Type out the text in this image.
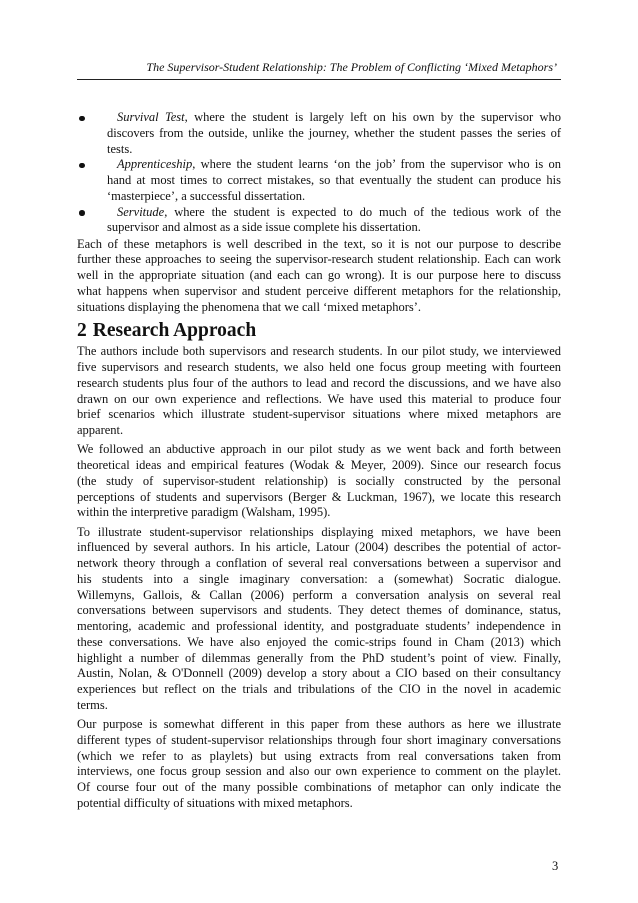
The Supervisor-Student Relationship: The Problem of Conflicting ‘Mixed Metaphors’
Survival Test, where the student is largely left on his own by the supervisor who
discovers from the outside, unlike the journey, whether the student passes the series of
tests.
Apprenticeship, where the student learns ‘on the job’ from the supervisor who is on
hand at most times to correct mistakes, so that eventually the student can produce his
‘masterpiece’, a successful dissertation.
Servitude, where the student is expected to do much of the tedious work of the
supervisor and almost as a side issue complete his dissertation.
Each of these metaphors is well described in the text, so it is not our purpose to describe
further these approaches to seeing the supervisor-research student relationship. Each can work
well in the appropriate situation (and each can go wrong). It is our purpose here to discuss
what happens when supervisor and student perceive different metaphors for the relationship,
situations displaying the phenomena that we call ‘mixed metaphors’.
2 Research Approach
The authors include both supervisors and research students. In our pilot study, we interviewed
five supervisors and research students, we also held one focus group meeting with fourteen
research students plus four of the authors to lead and record the discussions, and we have also
drawn on our own experience and reflections. We have used this material to produce four
brief scenarios which illustrate student-supervisor situations where mixed metaphors are
apparent.
We followed an abductive approach in our pilot study as we went back and forth between
theoretical ideas and empirical features (Wodak & Meyer, 2009). Since our research focus
(the study of supervisor-student relationship) is socially constructed by the personal
perceptions of students and supervisors (Berger & Luckman, 1967), we locate this research
within the interpretive paradigm (Walsham, 1995).
To illustrate student-supervisor relationships displaying mixed metaphors, we have been
influenced by several authors. In his article, Latour (2004) describes the potential of actor-
network theory through a conflation of several real conversations between a supervisor and
his students into a single imaginary conversation: a (somewhat) Socratic dialogue.
Willemyns, Gallois, & Callan (2006) perform a conversation analysis on several real
conversations between supervisors and students. They detect themes of dominance, status,
mentoring, academic and professional identity, and postgraduate students’ independence in
these conversations. We have also enjoyed the comic-strips found in Cham (2013) which
highlight a number of dilemmas generally from the PhD student’s point of view. Finally,
Austin, Nolan, & O'Donnell (2009) develop a story about a CIO based on their consultancy
experiences but reflect on the trials and tribulations of the CIO in the novel in academic
terms.
Our purpose is somewhat different in this paper from these authors as here we illustrate
different types of student-supervisor relationships through four short imaginary conversations
(which we refer to as playlets) but using extracts from real conversations taken from
interviews, one focus group session and also our own experience to comment on the playlet.
Of course four out of the many possible combinations of metaphor can only indicate the
potential difficulty of situations with mixed metaphors.
3
